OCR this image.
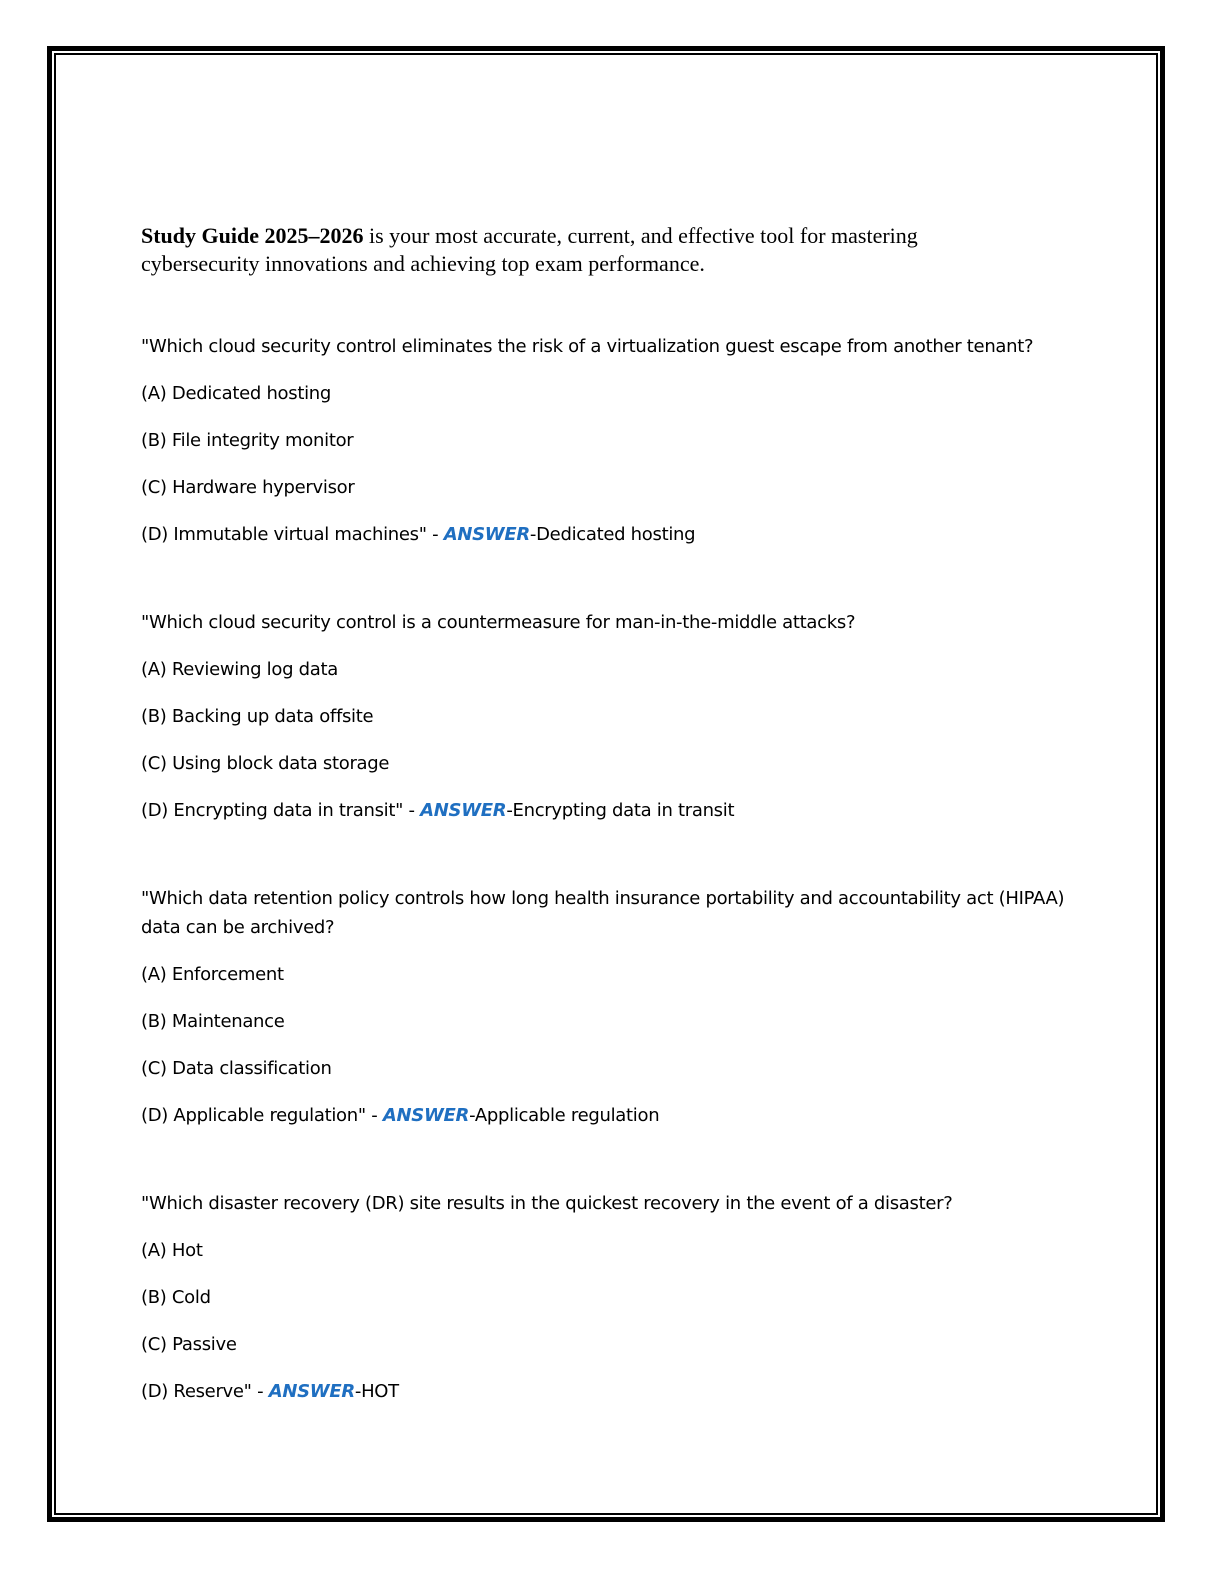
Study Guide 2025–2026 is your most accurate, current, and effective tool for mastering cybersecurity innovations and achieving top exam performance.

"Which cloud security control eliminates the risk of a virtualization guest escape from another tenant?

(A) Dedicated hosting

(B) File integrity monitor

(C) Hardware hypervisor

(D) Immutable virtual machines" - ANSWER-Dedicated hosting

"Which cloud security control is a countermeasure for man-in-the-middle attacks?

(A) Reviewing log data

(B) Backing up data offsite

(C) Using block data storage

(D) Encrypting data in transit" - ANSWER-Encrypting data in transit

"Which data retention policy controls how long health insurance portability and accountability act (HIPAA) data can be archived?

(A) Enforcement

(B) Maintenance

(C) Data classification

(D) Applicable regulation" - ANSWER-Applicable regulation

"Which disaster recovery (DR) site results in the quickest recovery in the event of a disaster?

(A) Hot

(B) Cold

(C) Passive

(D) Reserve" - ANSWER-HOT
